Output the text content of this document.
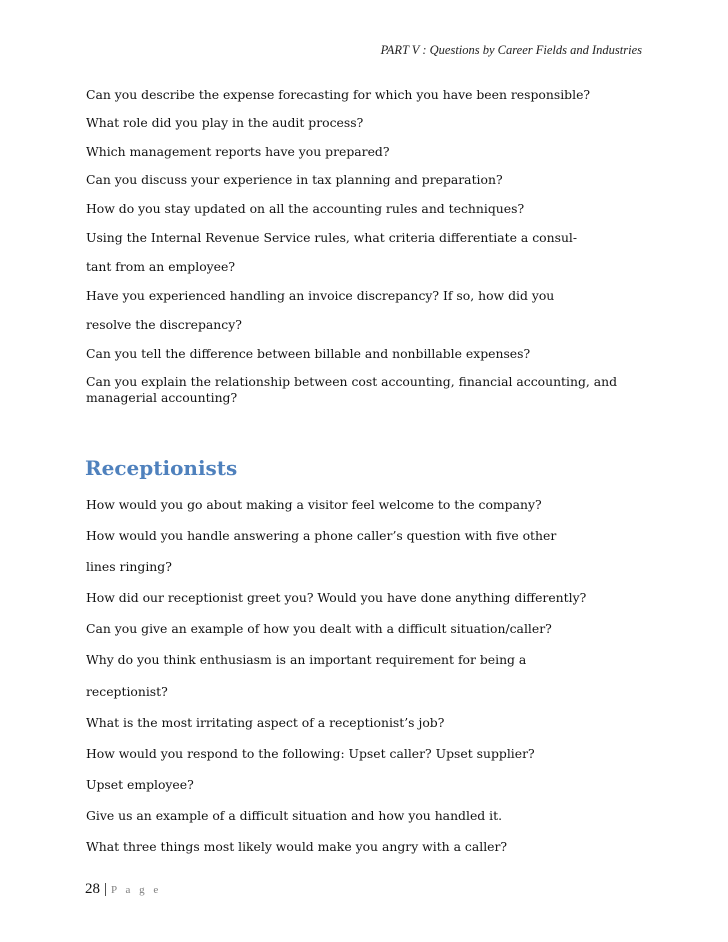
PART V : Questions by Career Fields and Industries
Can you describe the expense forecasting for which you have been responsible?
What role did you play in the audit process?
Which management reports have you prepared?
Can you discuss your experience in tax planning and preparation?
How do you stay updated on all the accounting rules and techniques?
Using the Internal Revenue Service rules, what criteria differentiate a consul-
tant from an employee?
Have you experienced handling an invoice discrepancy? If so, how did you
resolve the discrepancy?
Can you tell the difference between billable and nonbillable expenses?
Can you explain the relationship between cost accounting, financial accounting, and
managerial accounting?
Receptionists
How would you go about making a visitor feel welcome to the company?
How would you handle answering a phone caller’s question with five other
lines ringing?
How did our receptionist greet you? Would you have done anything differently?
Can you give an example of how you dealt with a difficult situation/caller?
Why do you think enthusiasm is an important requirement for being a
receptionist?
What is the most irritating aspect of a receptionist’s job?
How would you respond to the following: Upset caller? Upset supplier?
Upset employee?
Give us an example of a difficult situation and how you handled it.
What three things most likely would make you angry with a caller?
28 | P a g e
